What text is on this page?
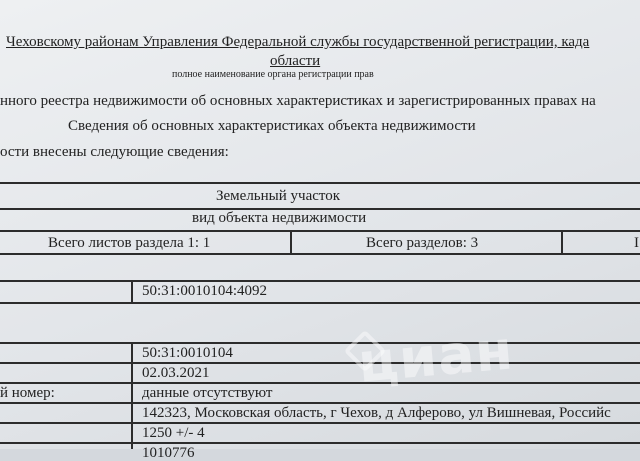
Чеховскому районам Управления Федеральной службы государственной регистрации, када
области
полное наименование органа регистрации прав
нного реестра недвижимости об основных характеристиках и зарегистрированных правах на
Сведения об основных характеристиках объекта недвижимости
ости внесены следующие сведения:
Земельный участок
вид объекта недвижимости
Всего листов раздела 1: 1	Всего разделов: 3	I
50:31:0010104:4092
50:31:0010104
02.03.2021
й номер:	данные отсутствуют
142323, Московская область, г Чехов, д Алферово, ул Вишневая, Российс
1250 +/- 4
1010776
циан
